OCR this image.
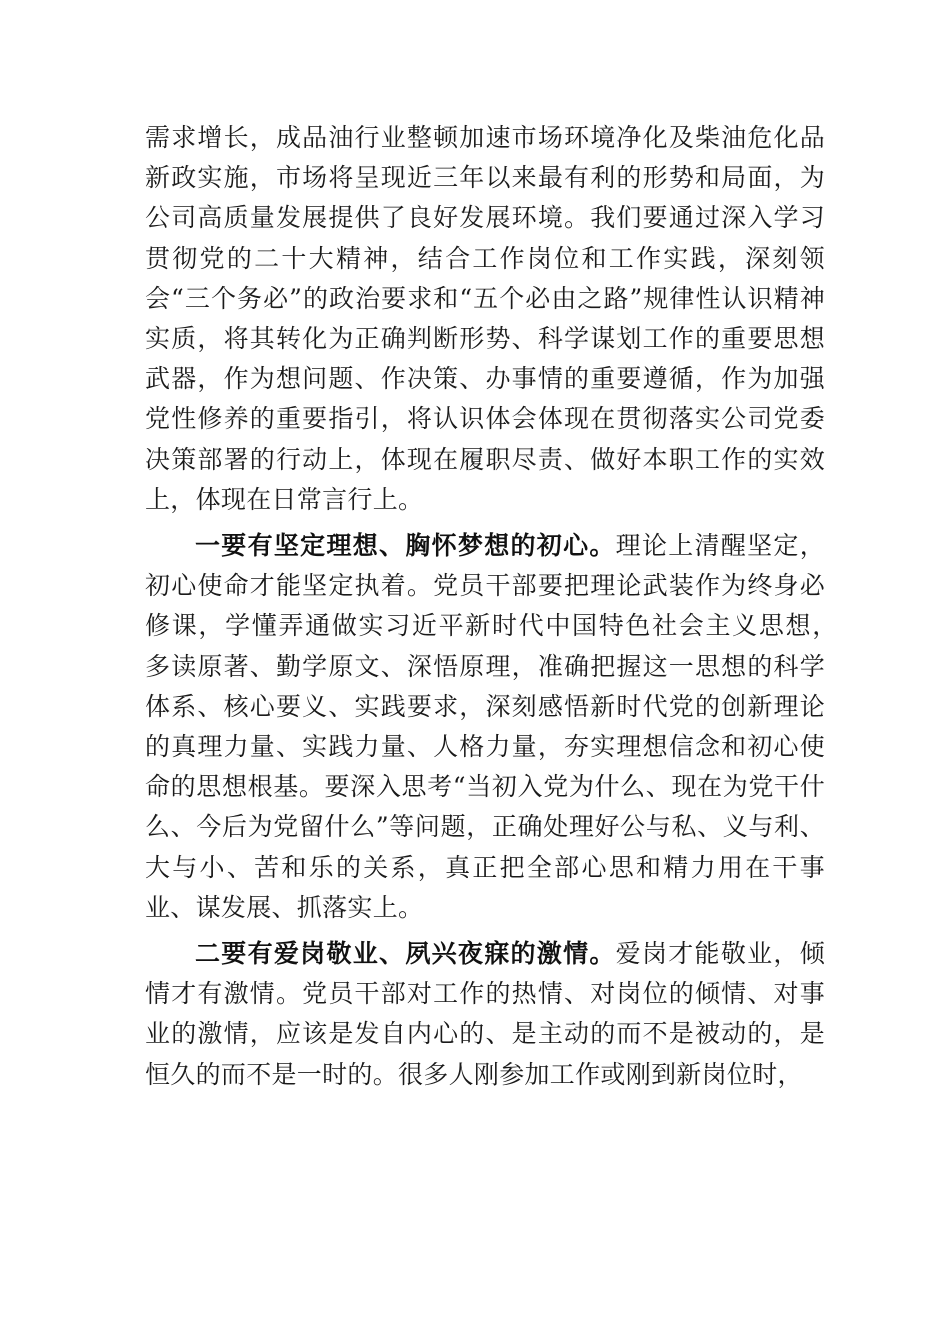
需求增长，成品油行业整顿加速市场环境净化及柴油危化品新政实施，市场将呈现近三年以来最有利的形势和局面，为公司高质量发展提供了良好发展环境。我们要通过深入学习贯彻党的二十大精神，结合工作岗位和工作实践，深刻领会“三个务必”的政治要求和“五个必由之路”规律性认识精神实质，将其转化为正确判断形势、科学谋划工作的重要思想武器，作为想问题、作决策、办事情的重要遵循，作为加强党性修养的重要指引，将认识体会体现在贯彻落实公司党委决策部署的行动上，体现在履职尽责、做好本职工作的实效上，体现在日常言行上。

一要有坚定理想、胸怀梦想的初心。理论上清醒坚定，初心使命才能坚定执着。党员干部要把理论武装作为终身必修课，学懂弄通做实习近平新时代中国特色社会主义思想，　多读原著、勤学原文、深悟原理，准确把握这一思想的科学体系、核心要义、实践要求，深刻感悟新时代党的创新理论的真理力量、实践力量、人格力量，夯实理想信念和初心使命的思想根基。要深入思考“当初入党为什么、现在为党干什么、今后为党留什么”等问题，正确处理好公与私、义与利、大与小、苦和乐的关系，真正把全部心思和精力用在干事业、谋发展、抓落实上。

二要有爱岗敬业、夙兴夜寐的激情。爱岗才能敬业，倾情才有激情。党员干部对工作的热情、对岗位的倾情、对事业的激情，应该是发自内心的、是主动的而不是被动的，是恒久的而不是一时的。很多人刚参加工作或刚到新岗位时，
